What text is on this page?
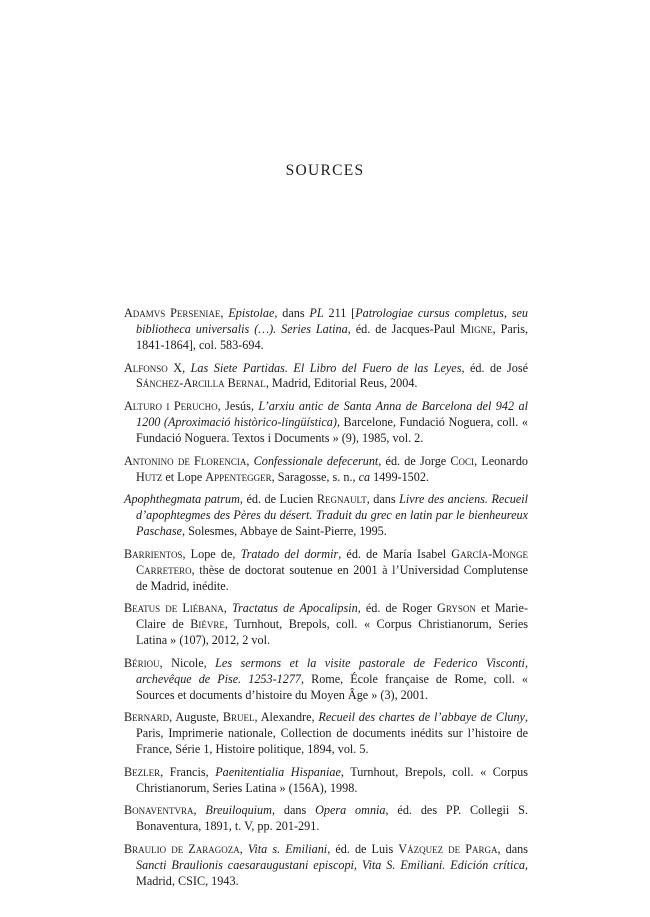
SOURCES
Adamvs Perseniae, Epistolae, dans PL 211 [Patrologiae cursus completus, seu bibliotheca universalis (…). Series Latina, éd. de Jacques-Paul Migne, Paris, 1841-1864], col. 583-694.
Alfonso X, Las Siete Partidas. El Libro del Fuero de las Leyes, éd. de José Sánchez-Arcilla Bernal, Madrid, Editorial Reus, 2004.
Alturo i Perucho, Jesús, L’arxiu antic de Santa Anna de Barcelona del 942 al 1200 (Aproximació històrico-lingüística), Barcelone, Fundació Noguera, coll. « Fundació Noguera. Textos i Documents » (9), 1985, vol. 2.
Antonino de Florencia, Confessionale defecerunt, éd. de Jorge Coci, Leonardo Hutz et Lope Appentegger, Saragosse, s. n., ca 1499-1502.
Apophthegmata patrum, éd. de Lucien Regnault, dans Livre des anciens. Recueil d’apophtegmes des Pères du désert. Traduit du grec en latin par le bienheureux Paschase, Solesmes, Abbaye de Saint-Pierre, 1995.
Barrientos, Lope de, Tratado del dormir, éd. de María Isabel García-Monge Carretero, thèse de doctorat soutenue en 2001 à l’Universidad Complutense de Madrid, inédite.
Beatus de Liébana, Tractatus de Apocalipsin, éd. de Roger Gryson et Marie-Claire de Bièvre, Turnhout, Brepols, coll. « Corpus Christianorum, Series Latina » (107), 2012, 2 vol.
Bériou, Nicole, Les sermons et la visite pastorale de Federico Visconti, archevêque de Pise. 1253-1277, Rome, École française de Rome, coll. « Sources et documents d’histoire du Moyen Âge » (3), 2001.
Bernard, Auguste, Bruel, Alexandre, Recueil des chartes de l’abbaye de Cluny, Paris, Imprimerie nationale, Collection de documents inédits sur l’histoire de France, Série 1, Histoire politique, 1894, vol. 5.
Bezler, Francis, Paenitentialia Hispaniae, Turnhout, Brepols, coll. « Corpus Christianorum, Series Latina » (156A), 1998.
Bonaventvra, Breuiloquium, dans Opera omnia, éd. des PP. Collegii S. Bonaventura, 1891, t. V, pp. 201-291.
Braulio de Zaragoza, Vita s. Emiliani, éd. de Luis Vázquez de Parga, dans Sancti Braulionis caesaraugustani episcopi, Vita S. Emiliani. Edición crítica, Madrid, CSIC, 1943.
